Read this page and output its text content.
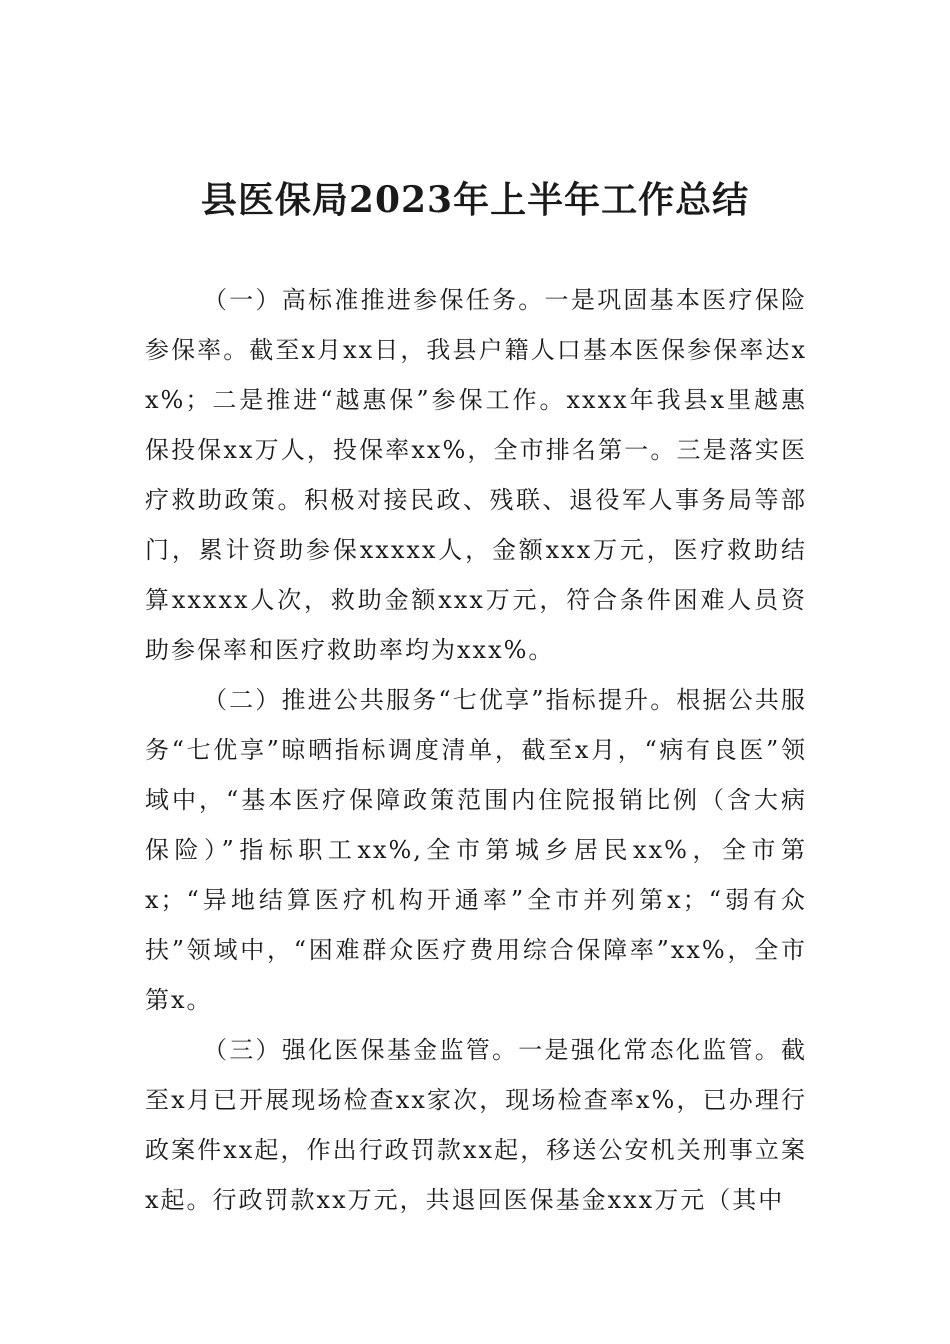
县医保局2023年上半年工作总结

（一）高标准推进参保任务。一是巩固基本医疗保险参保率。截至x月xx日，我县户籍人口基本医保参保率达xx%；二是推进“越惠保”参保工作。xxxx年我县x里越惠保投保xx万人，投保率xx%，全市排名第一。三是落实医疗救助政策。积极对接民政、残联、退役军人事务局等部门，累计资助参保xxxxx人，金额xxx万元，医疗救助结算xxxxx人次，救助金额xxx万元，符合条件困难人员资助参保率和医疗救助率均为xxx%。

（二）推进公共服务“七优享”指标提升。根据公共服务“七优享”晾晒指标调度清单，截至x月，“病有良医”领域中，“基本医疗保障政策范围内住院报销比例（含大病保险）”指标职工xx%,全市第城乡居民xx%，全市第x；“异地结算医疗机构开通率”全市并列第x；“弱有众扶”领域中，“困难群众医疗费用综合保障率”xx%，全市第x。

（三）强化医保基金监管。一是强化常态化监管。截至x月已开展现场检查xx家次，现场检查率x%，已办理行政案件xx起，作出行政罚款xx起，移送公安机关刑事立案x起。行政罚款xx万元，共退回医保基金xxx万元（其中
